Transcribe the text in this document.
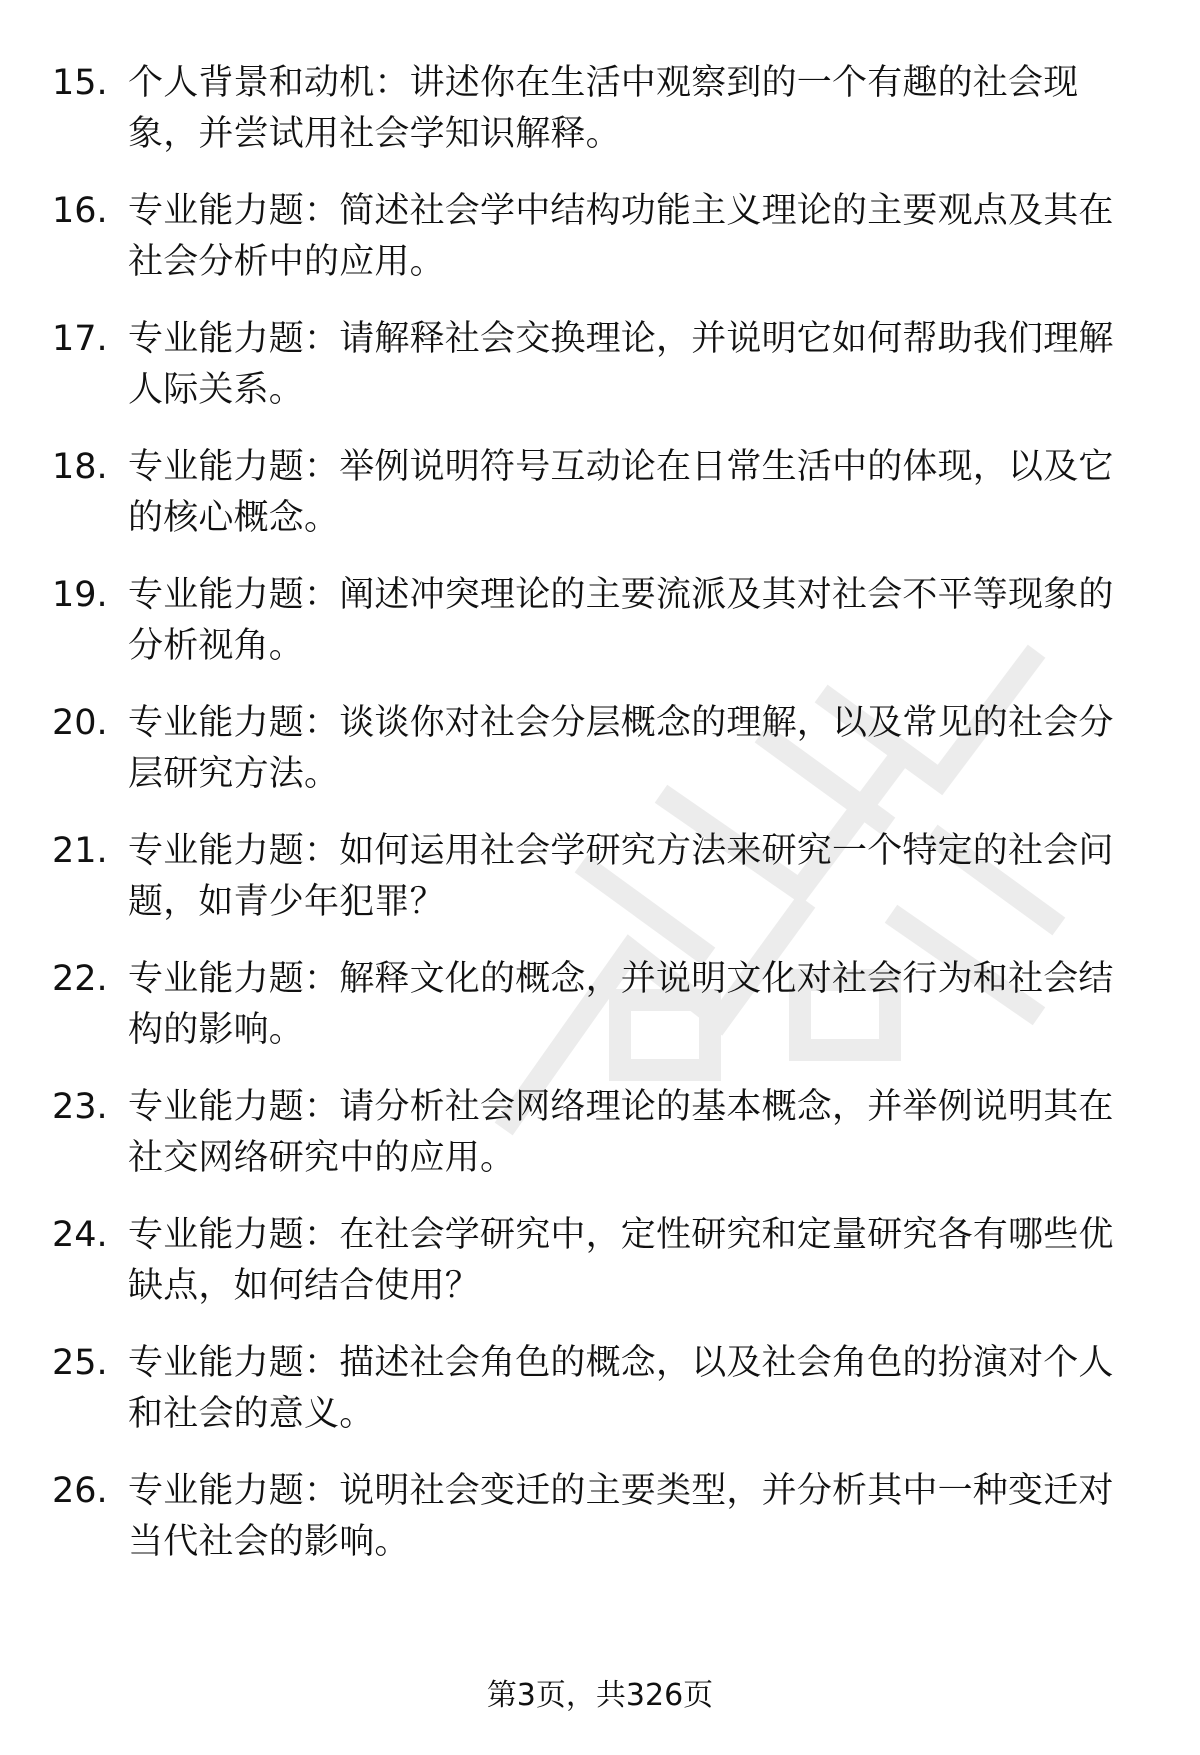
15. 个人背景和动机：讲述你在生活中观察到的一个有趣的社会现象，并尝试用社会学知识解释。
16. 专业能力题：简述社会学中结构功能主义理论的主要观点及其在社会分析中的应用。
17. 专业能力题：请解释社会交换理论，并说明它如何帮助我们理解人际关系。
18. 专业能力题：举例说明符号互动论在日常生活中的体现，以及它的核心概念。
19. 专业能力题：阐述冲突理论的主要流派及其对社会不平等现象的分析视角。
20. 专业能力题：谈谈你对社会分层概念的理解，以及常见的社会分层研究方法。
21. 专业能力题：如何运用社会学研究方法来研究一个特定的社会问题，如青少年犯罪？
22. 专业能力题：解释文化的概念，并说明文化对社会行为和社会结构的影响。
23. 专业能力题：请分析社会网络理论的基本概念，并举例说明其在社交网络研究中的应用。
24. 专业能力题：在社会学研究中，定性研究和定量研究各有哪些优缺点，如何结合使用？
25. 专业能力题：描述社会角色的概念，以及社会角色的扮演对个人和社会的意义。
26. 专业能力题：说明社会变迁的主要类型，并分析其中一种变迁对当代社会的影响。
第3页，共326页
